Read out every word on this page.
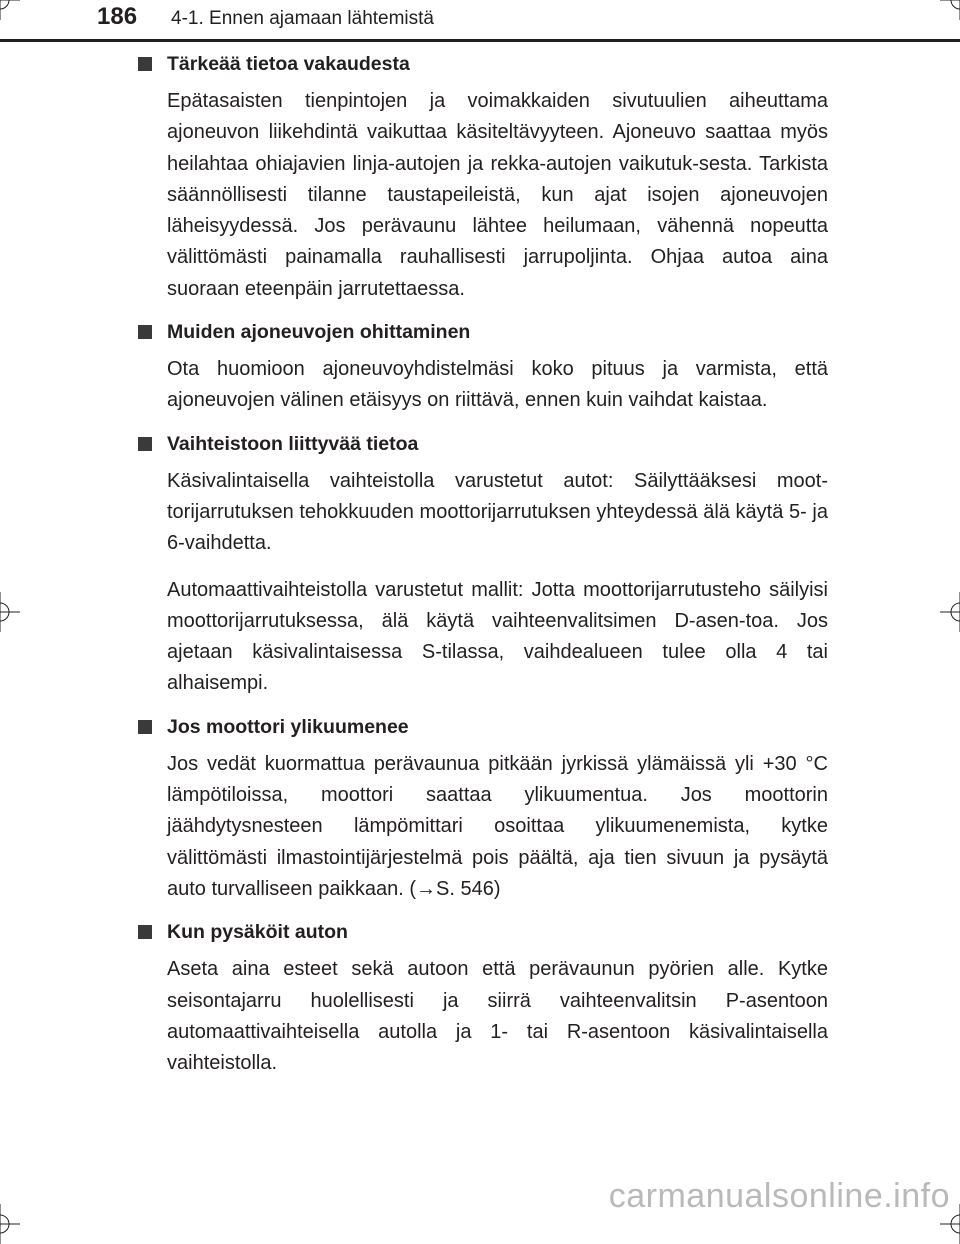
186 4-1. Ennen ajamaan lähtemistä
Tärkeää tietoa vakaudesta

Epätasaisten tienpintojen ja voimakkaiden sivutuulien aiheuttama ajoneuvon liikehdintä vaikuttaa käsiteltävyyteen. Ajoneuvo saattaa myös heilahtaa ohiajavien linja-autojen ja rekka-autojen vaikutuk-sesta. Tarkista säännöllisesti tilanne taustapeileistä, kun ajat isojen ajoneuvojen läheisyydessä. Jos perävaunu lähtee heilumaan, vähennä nopeutta välittömästi painamalla rauhallisesti jarrupoljinta. Ohjaa autoa aina suoraan eteenpäin jarrutettaessa.

Muiden ajoneuvojen ohittaminen

Ota huomioon ajoneuvoyhdistelmäsi koko pituus ja varmista, että ajoneuvojen välinen etäisyys on riittävä, ennen kuin vaihdat kaistaa.

Vaihteistoon liittyvää tietoa

Käsivalintaisella vaihteistolla varustetut autot: Säilyttääksesi moot-torijarrutuksen tehokkuuden moottorijarrutuksen yhteydessä älä käytä 5- ja 6-vaihdetta.

Automaattivaihteistolla varustetut mallit: Jotta moottorijarrutusteho säilyisi moottorijarrutuksessa, älä käytä vaihteenvalitsimen D-asen-toa. Jos ajetaan käsivalintaisessa S-tilassa, vaihdealueen tulee olla 4 tai alhaisempi.

Jos moottori ylikuumenee

Jos vedät kuormattua perävaunua pitkään jyrkissä ylämäissä yli +30 °C lämpötiloissa, moottori saattaa ylikuumentua. Jos moottorin jäähdytysnesteen lämpömittari osoittaa ylikuumenemista, kytke välittömästi ilmastointijärjestelmä pois päältä, aja tien sivuun ja pysäytä auto turvalliseen paikkaan. (→S. 546)

Kun pysäköit auton

Aseta aina esteet sekä autoon että perävaunun pyörien alle. Kytke seisontajarru huolellisesti ja siirrä vaihteenvalitsin P-asentoon automaattivaihteisella autolla ja 1- tai R-asentoon käsivalintaisella vaihteistolla.

carmanualsonline.info
